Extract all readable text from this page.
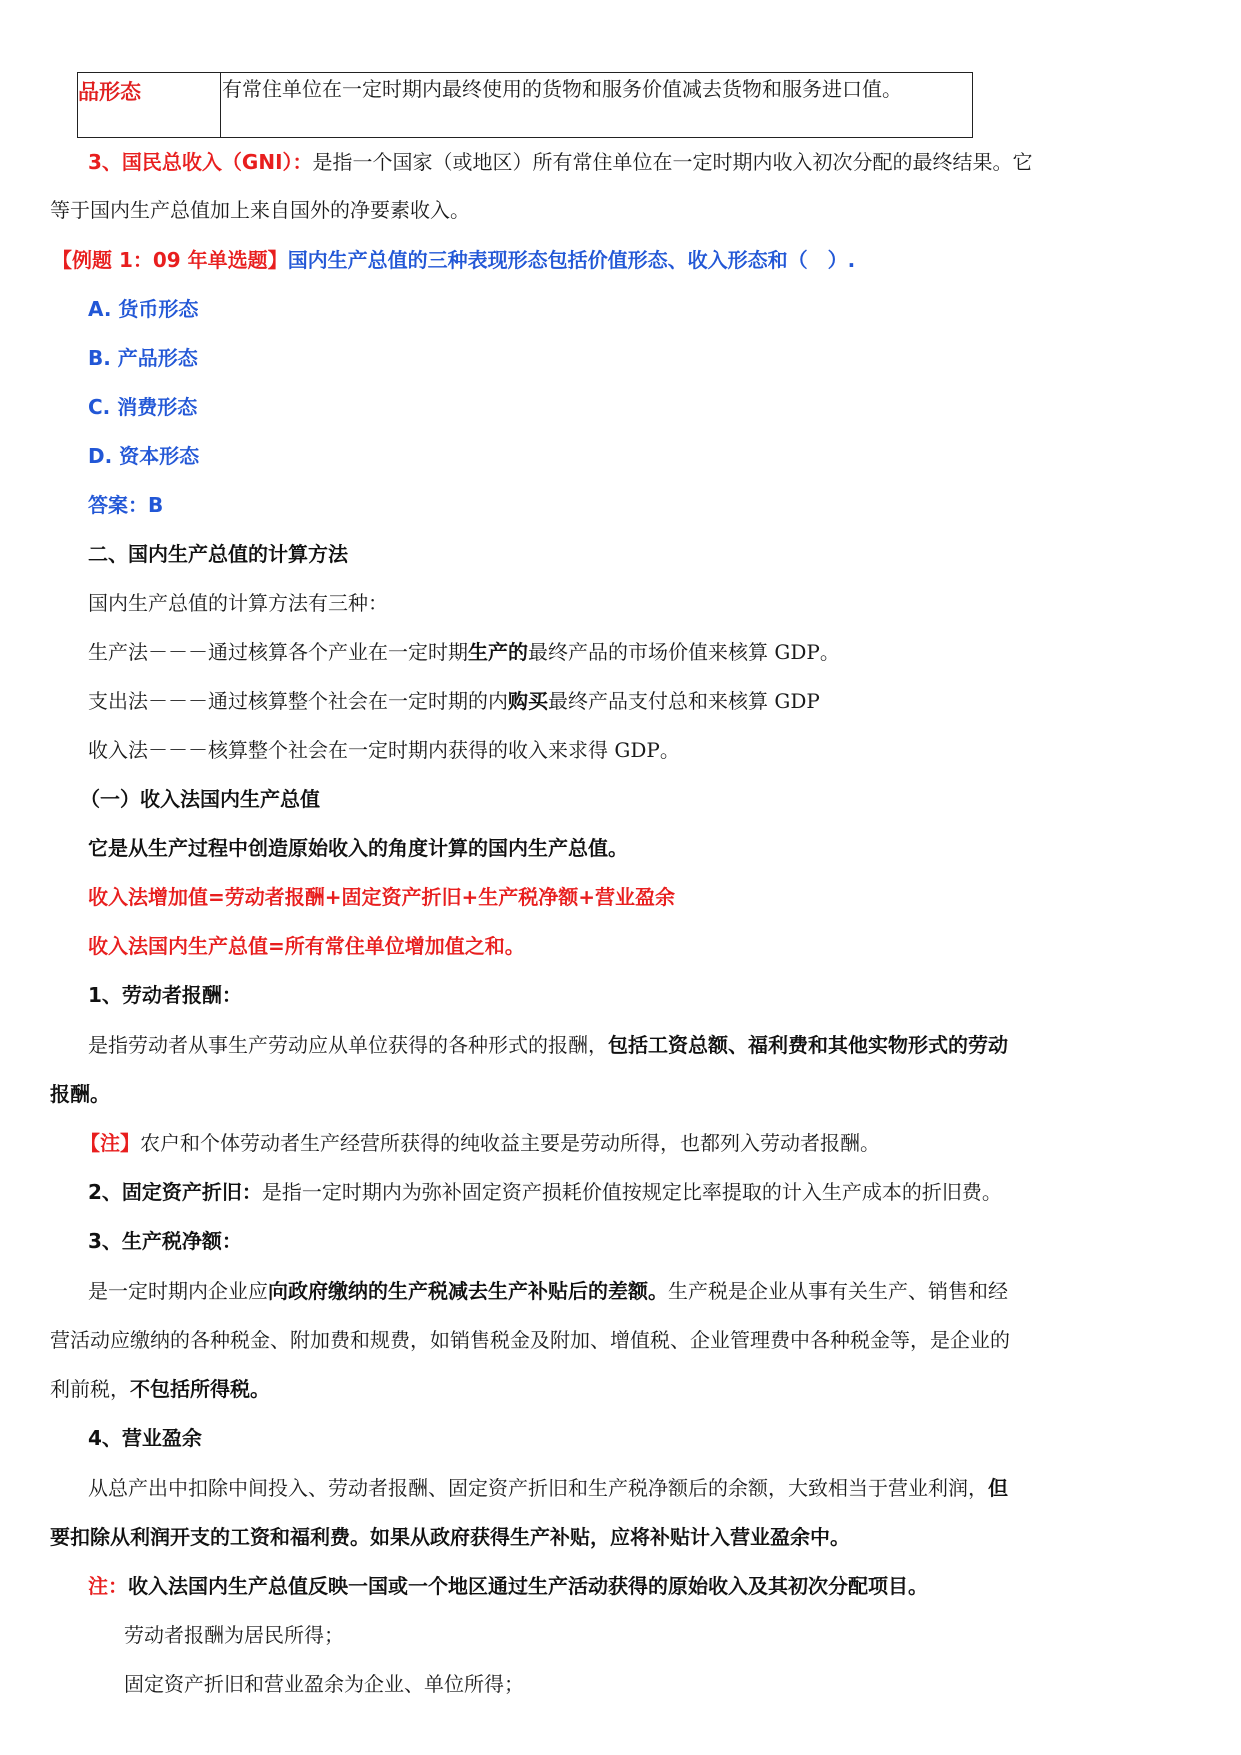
品形态	有常住单位在一定时期内最终使用的货物和服务价值减去货物和服务进口值。
3、国民总收入（GNI）：是指一个国家（或地区）所有常住单位在一定时期内收入初次分配的最终结果。它
等于国内生产总值加上来自国外的净要素收入。
【例题 1：09 年单选题】国内生产总值的三种表现形态包括价值形态、收入形态和（　）.
A. 货币形态
B. 产品形态
C. 消费形态
D. 资本形态
答案：B
二、国内生产总值的计算方法
国内生产总值的计算方法有三种：
生产法－－－通过核算各个产业在一定时期生产的最终产品的市场价值来核算 GDP。
支出法－－－通过核算整个社会在一定时期的内购买最终产品支付总和来核算 GDP
收入法－－－核算整个社会在一定时期内获得的收入来求得 GDP。
（一）收入法国内生产总值
它是从生产过程中创造原始收入的角度计算的国内生产总值。
收入法增加值=劳动者报酬+固定资产折旧+生产税净额+营业盈余
收入法国内生产总值=所有常住单位增加值之和。
1、劳动者报酬：
是指劳动者从事生产劳动应从单位获得的各种形式的报酬，包括工资总额、福利费和其他实物形式的劳动
报酬。
【注】农户和个体劳动者生产经营所获得的纯收益主要是劳动所得，也都列入劳动者报酬。
2、固定资产折旧：是指一定时期内为弥补固定资产损耗价值按规定比率提取的计入生产成本的折旧费。
3、生产税净额：
是一定时期内企业应向政府缴纳的生产税减去生产补贴后的差额。生产税是企业从事有关生产、销售和经
营活动应缴纳的各种税金、附加费和规费，如销售税金及附加、增值税、企业管理费中各种税金等，是企业的
利前税，不包括所得税。
4、营业盈余
从总产出中扣除中间投入、劳动者报酬、固定资产折旧和生产税净额后的余额，大致相当于营业利润，但
要扣除从利润开支的工资和福利费。如果从政府获得生产补贴，应将补贴计入营业盈余中。
注：收入法国内生产总值反映一国或一个地区通过生产活动获得的原始收入及其初次分配项目。
劳动者报酬为居民所得；
固定资产折旧和营业盈余为企业、单位所得；
